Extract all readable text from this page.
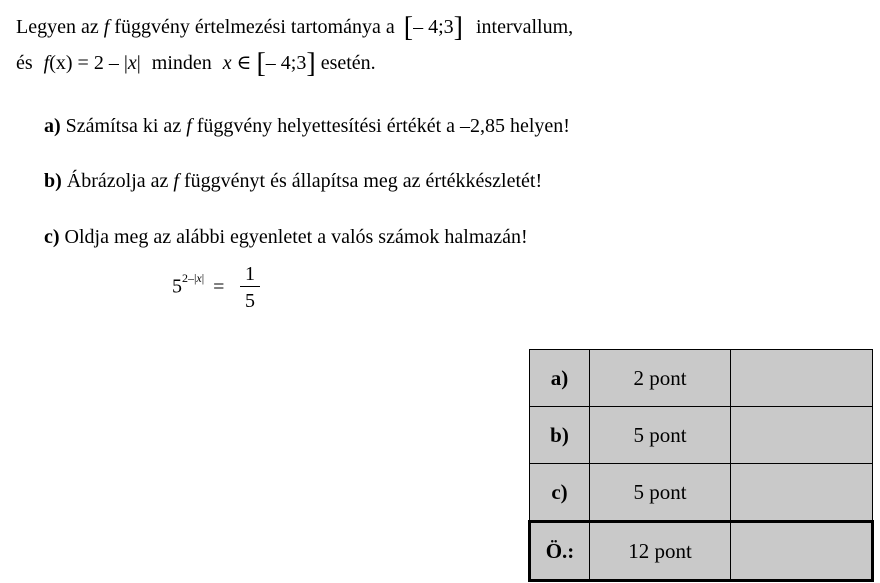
Legyen az f függvény értelmezési tartománya a [– 4;3] intervallum,
és f(x) = 2 – |x| minden x ∈ [– 4;3] esetén.
a) Számítsa ki az f függvény helyettesítési értékét a –2,85 helyen!
b) Ábrázolja az f függvényt és állapítsa meg az értékkészletét!
c) Oldja meg az alábbi egyenletet a valós számok halmazán!
$5^{2-|x|}$ =
1
5
a)	2 pont	
b)	5 pont	
c)	5 pont	
Ö.:	12 pont	
